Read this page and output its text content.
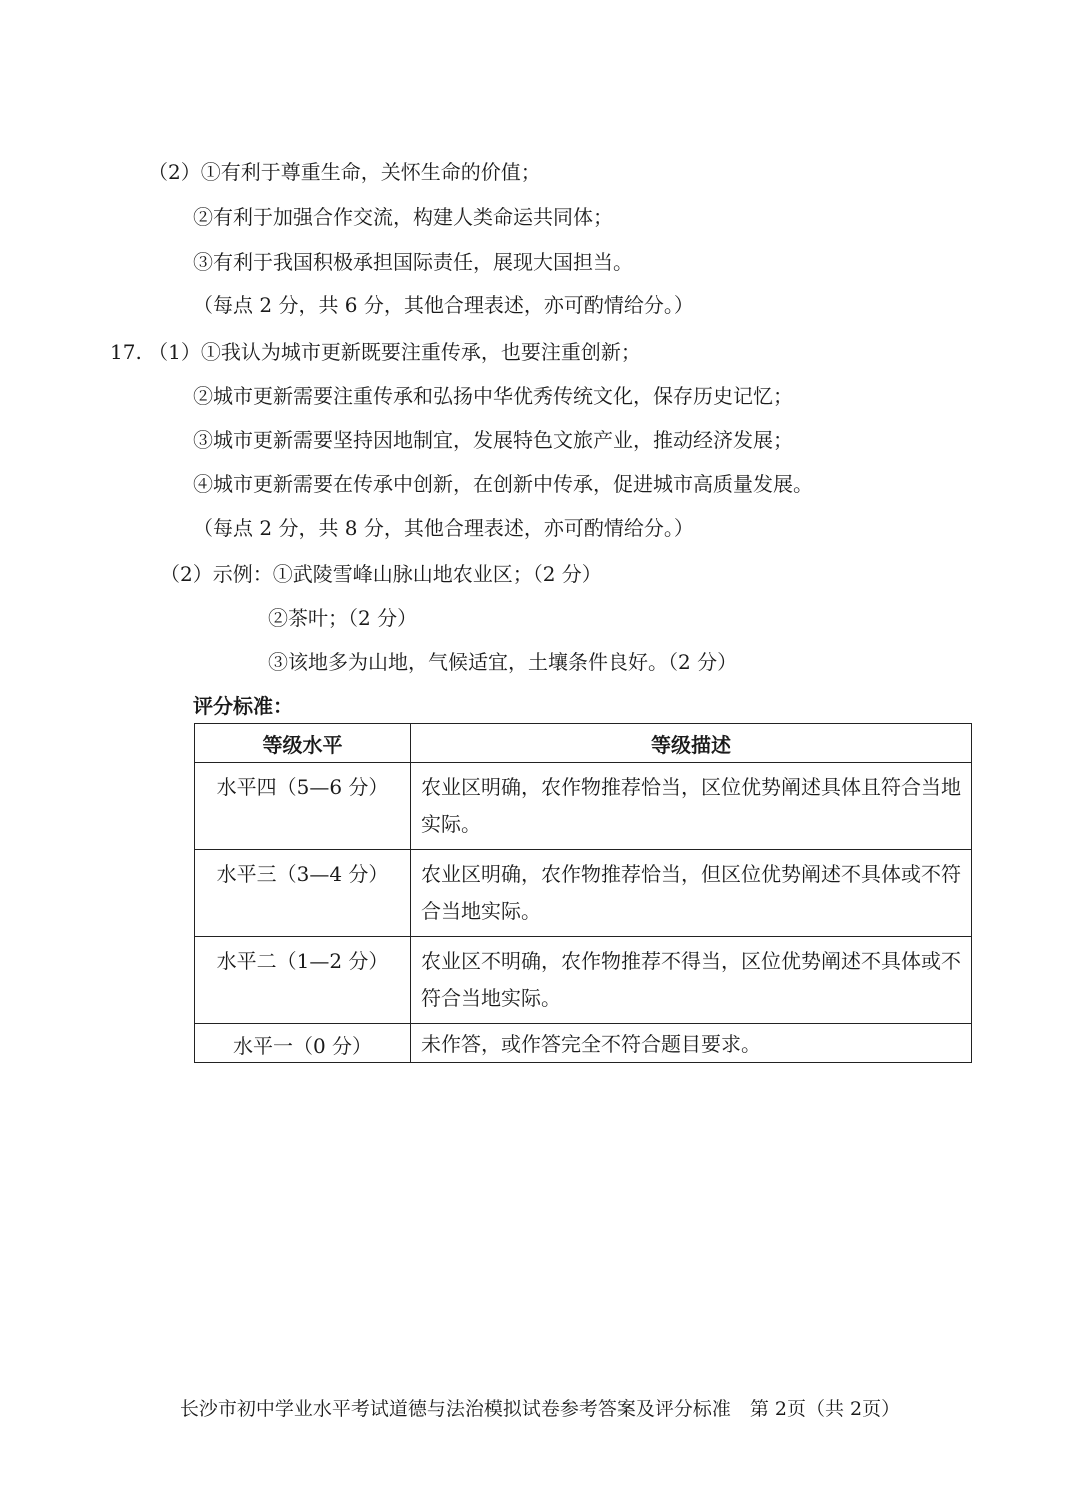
（2）①有利于尊重生命，关怀生命的价值；
②有利于加强合作交流，构建人类命运共同体；
③有利于我国积极承担国际责任，展现大国担当。
（每点 2 分，共 6 分，其他合理表述，亦可酌情给分。）
17. （1）①我认为城市更新既要注重传承，也要注重创新；
②城市更新需要注重传承和弘扬中华优秀传统文化，保存历史记忆；
③城市更新需要坚持因地制宜，发展特色文旅产业，推动经济发展；
④城市更新需要在传承中创新，在创新中传承，促进城市高质量发展。
（每点 2 分，共 8 分，其他合理表述，亦可酌情给分。）
（2）示例：①武陵雪峰山脉山地农业区；（2 分）
②茶叶；（2 分）
③该地多为山地，气候适宜，土壤条件良好。（2 分）
评分标准：
等级水平	等级描述
水平四（5—6 分）	农业区明确，农作物推荐恰当，区位优势阐述具体且符合当地实际。
水平三（3—4 分）	农业区明确，农作物推荐恰当，但区位优势阐述不具体或不符合当地实际。
水平二（1—2 分）	农业区不明确，农作物推荐不得当，区位优势阐述不具体或不符合当地实际。
水平一（0 分）	未作答，或作答完全不符合题目要求。
长沙市初中学业水平考试道德与法治模拟试卷参考答案及评分标准　第 2页（共 2页）
